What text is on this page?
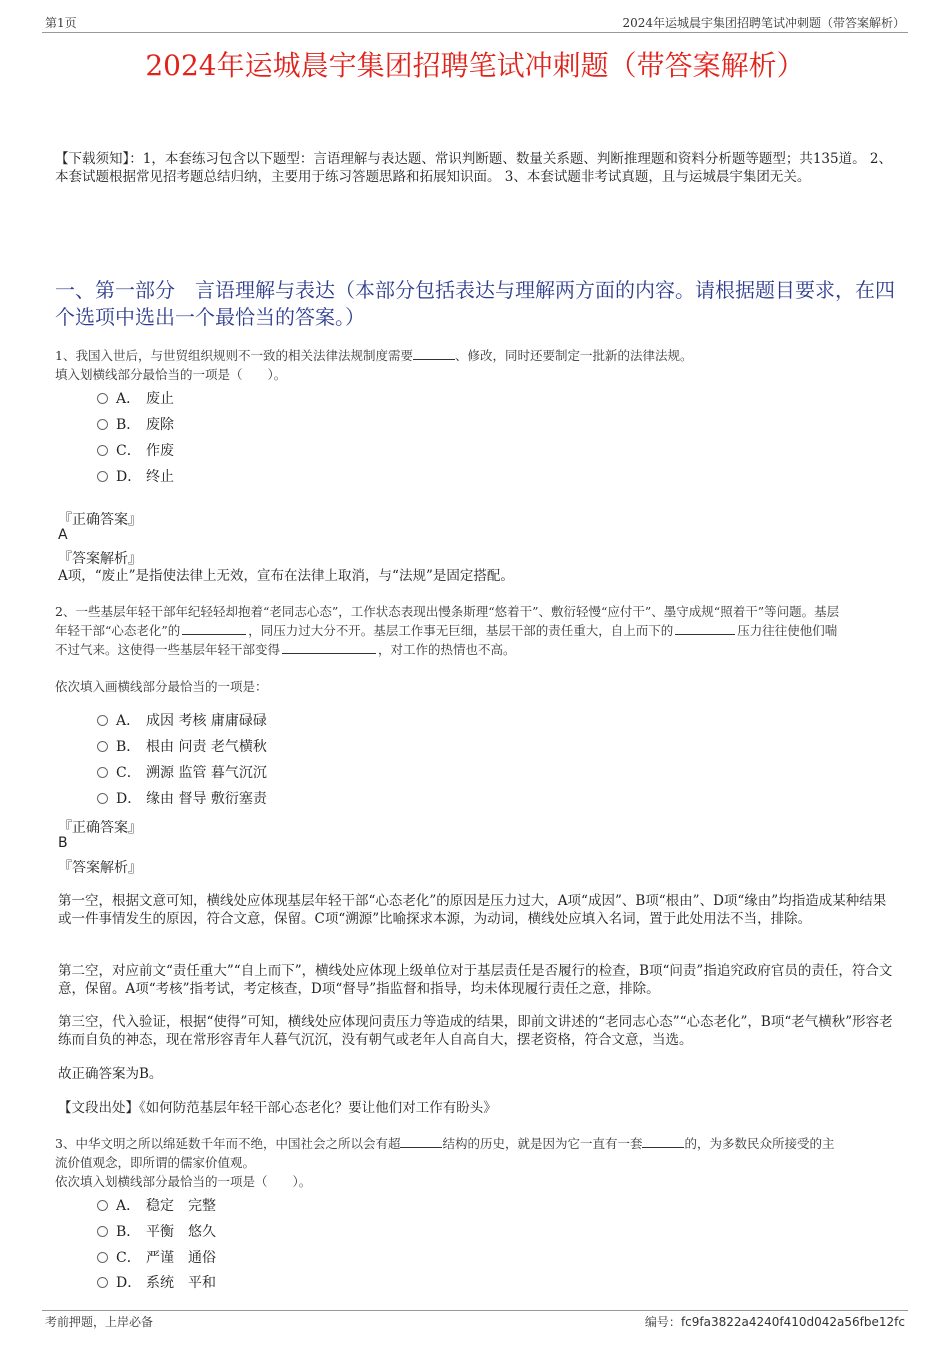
第1页	2024年运城晨宇集团招聘笔试冲刺题（带答案解析）
2024年运城晨宇集团招聘笔试冲刺题（带答案解析）
【下载须知】：1，本套练习包含以下题型：言语理解与表达题、常识判断题、数量关系题、判断推理题和资料分析题等题型；共135道。 2、本套试题根据常见招考题总结归纳，主要用于练习答题思路和拓展知识面。 3、本套试题非考试真题，且与运城晨宇集团无关。
一、第一部分　言语理解与表达（本部分包括表达与理解两方面的内容。请根据题目要求，在四个选项中选出一个最恰当的答案。）
1、我国入世后，与世贸组织规则不一致的相关法律法规制度需要	、修改，同时还要制定一批新的法律法规。
填入划横线部分最恰当的一项是（　　）。
A． 废止
B． 废除
C． 作废
D． 终止
『正确答案』
A
『答案解析』
A项，“废止”是指使法律上无效，宣布在法律上取消，与“法规”是固定搭配。
2、一些基层年轻干部年纪轻轻却抱着“老同志心态”，工作状态表现出慢条斯理“悠着干”、敷衍轻慢“应付干”、墨守成规“照着干”等问题。基层
年轻干部“心态老化”的	，同压力过大分不开。基层工作事无巨细，基层干部的责任重大，自上而下的	压力往往使他们喘
不过气来。这使得一些基层年轻干部变得	，对工作的热情也不高。
依次填入画横线部分最恰当的一项是：
A． 成因 考核 庸庸碌碌
B． 根由 问责 老气横秋
C． 溯源 监管 暮气沉沉
D． 缘由 督导 敷衍塞责
『正确答案』
B
『答案解析』
第一空，根据文意可知，横线处应体现基层年轻干部“心态老化”的原因是压力过大，A项“成因”、B项“根由”、D项“缘由”均指造成某种结果或一件事情发生的原因，符合文意，保留。C项“溯源”比喻探求本源，为动词，横线处应填入名词，置于此处用法不当，排除。
第二空，对应前文“责任重大”“自上而下”，横线处应体现上级单位对于基层责任是否履行的检查，B项“问责”指追究政府官员的责任，符合文意，保留。A项“考核”指考试，考定核查，D项“督导”指监督和指导，均未体现履行责任之意，排除。
第三空，代入验证，根据“使得”可知，横线处应体现问责压力等造成的结果，即前文讲述的“老同志心态”“心态老化”，B项“老气横秋”形容老练而自负的神态，现在常形容青年人暮气沉沉，没有朝气或老年人自高自大，摆老资格，符合文意，当选。
故正确答案为B。
【文段出处】《如何防范基层年轻干部心态老化？要让他们对工作有盼头》
3、中华文明之所以绵延数千年而不绝，中国社会之所以会有超	结构的历史，就是因为它一直有一套	的，为多数民众所接受的主
流价值观念，即所谓的儒家价值观。
依次填入划横线部分最恰当的一项是（　　）。
A． 稳定　完整
B． 平衡　悠久
C． 严谨　通俗
D． 系统　平和
考前押题，上岸必备	编号：fc9fa3822a4240f410d042a56fbe12fc
